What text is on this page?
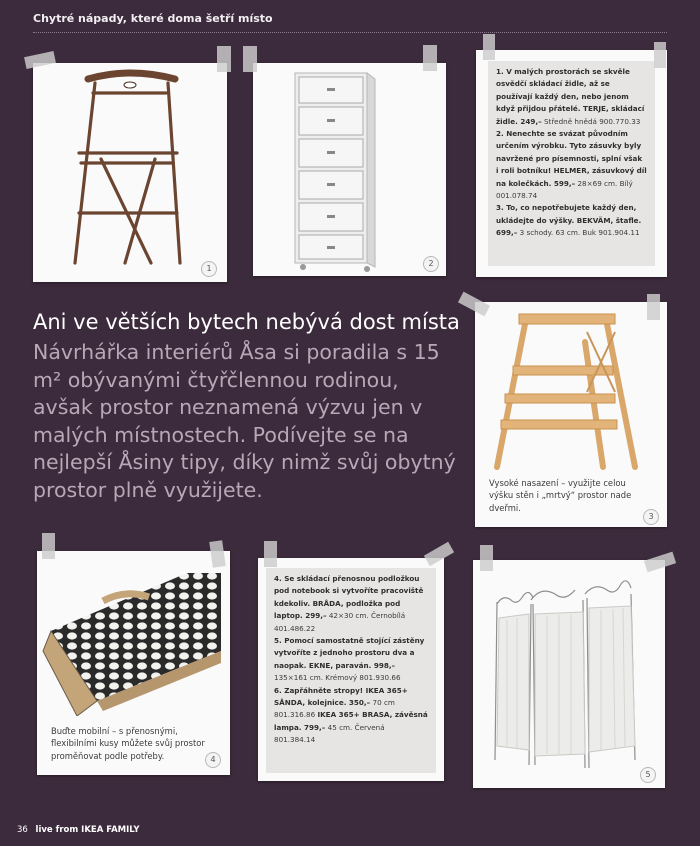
Chytré nápady, které doma šetří místo
1
2
1. V malých prostorách se skvěle osvědčí skládací židle, až se používají každý den, nebo jenom když přijdou přátelé. TERJE, skládací židle. 249,– Středně hnědá 900.770.33
2. Nenechte se svázat původním určením výrobku. Tyto zásuvky byly navržené pro písemnosti, splní však i roli botníku! HELMER, zásuvkový díl na kolečkách. 599,– 28×69 cm. Bílý 001.078.74
3. To, co nepotřebujete každý den, ukládejte do výšky. BEKVÄM, štafle. 699,– 3 schody. 63 cm. Buk 901.904.11
Ani ve větších bytech nebývá dost místa
Návrhářka interiérů Åsa si poradila s 15 m² obývanými čtyřčlennou rodinou, avšak prostor neznamená výzvu jen v malých místnostech. Podívejte se na nejlepší Åsiny tipy, díky nimž svůj obytný prostor plně využijete.	Vysoké nasazení – využijte celou výšku stěn i „mrtvý“ prostor nade dveřmi.
3
Buďte mobilní – s přenosnými, flexibilními kusy můžete svůj prostor proměňovat podle potřeby.	4
4. Se skládací přenosnou podložkou pod notebook si vytvoříte pracoviště kdekoliv. BRÅDA, podložka pod laptop. 299,– 42×30 cm. Černobílá 401.486.22
5. Pomocí samostatně stojící zástěny vytvoříte z jednoho prostoru dva a naopak. EKNE, paraván. 998,– 135×161 cm. Krémový 801.930.66
6. Zapřáhněte stropy! IKEA 365+ SÅNDA, kolejnice. 350,– 70 cm 801.316.86 IKEA 365+ BRASA, závěsná lampa. 799,– 45 cm. Červená 801.384.14
5
36 live from IKEA FAMILY
